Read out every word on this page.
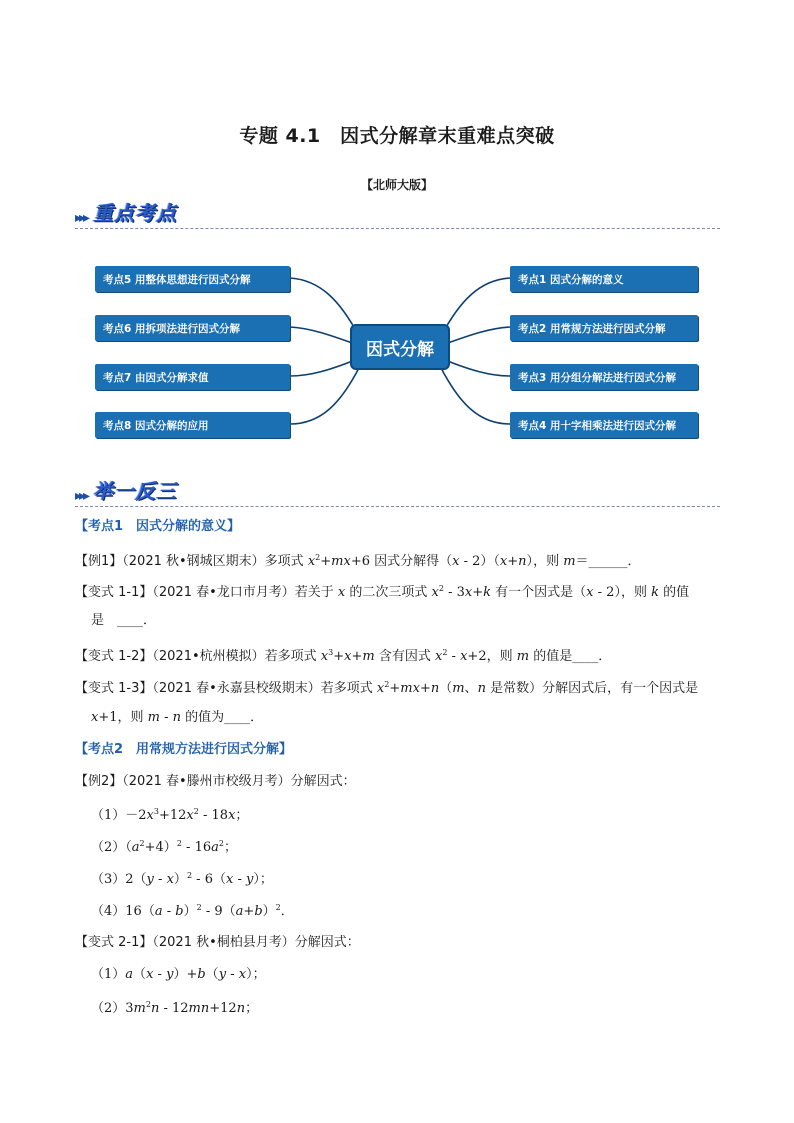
专题 4.1　因式分解章末重难点突破
【北师大版】
▸▸▸ 重点考点
考点5 用整体思想进行因式分解
考点6 用拆项法进行因式分解
考点7 由因式分解求值
考点8 因式分解的应用
因式分解
考点1 因式分解的意义
考点2 用常规方法进行因式分解
考点3 用分组分解法进行因式分解
考点4 用十字相乘法进行因式分解
▸▸▸ 举一反三
【考点1　因式分解的意义】
【例1】（2021 秋•钢城区期末）多项式 $x^2+mx+6$ 因式分解得（x - 2）（x+n），则 m＝______．
【变式 1-1】（2021 春•龙口市月考）若关于 x 的二次三项式 $x^2 - 3x+k$ 有一个因式是（x - 2），则 k 的值
是　____．
【变式 1-2】（2021•杭州模拟）若多项式 $x^3+x+m$ 含有因式 $x^2 - x+2$，则 m 的值是____．
【变式 1-3】（2021 春•永嘉县校级期末）若多项式 $x^2+mx+n(m$、n 是常数）分解因式后，有一个因式是
x+1，则 m - n 的值为____．
【考点2　用常规方法进行因式分解】
【例2】（2021 春•滕州市校级月考）分解因式：
$(1)-2x^3+12x^2 - 18x$；
$(2)(a^2+4)^2 - 16a^2$；
（3）2（y - x）$^2$ - 6（x - y）；
$(4)16(a - b)^2 - 9(a+b)^2$．
【变式 2-1】（2021 秋•桐柏县月考）分解因式：
（1）a（x - y）+b（y - x）；
$(2)3m^2n - 12mn+12n$；
